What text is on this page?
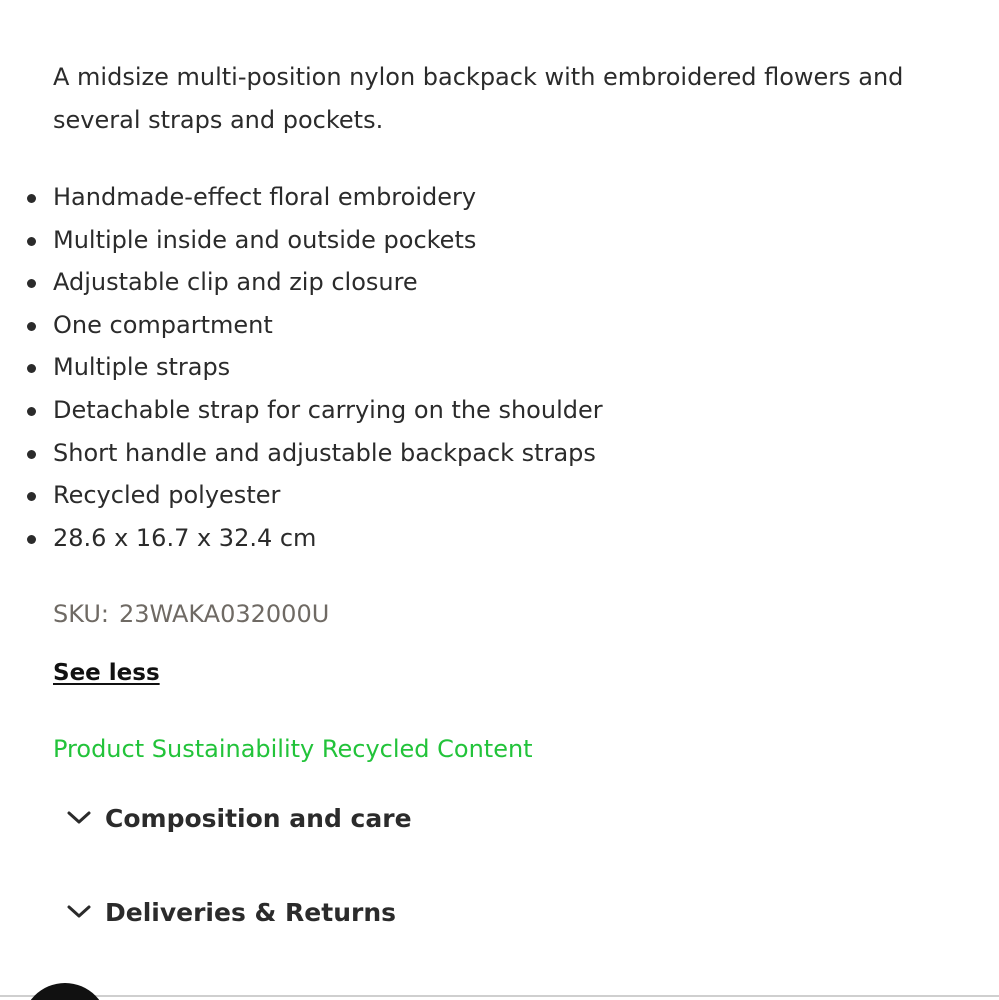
A midsize multi-position nylon backpack with embroidered flowers and several straps and pockets.

Handmade-effect floral embroidery
Multiple inside and outside pockets
Adjustable clip and zip closure
One compartment
Multiple straps
Detachable strap for carrying on the shoulder
Short handle and adjustable backpack straps
Recycled polyester
28.6 x 16.7 x 32.4 cm
SKU: 23WAKA032000U
See less
Product Sustainability Recycled Content
Composition and care
Deliveries & Returns
